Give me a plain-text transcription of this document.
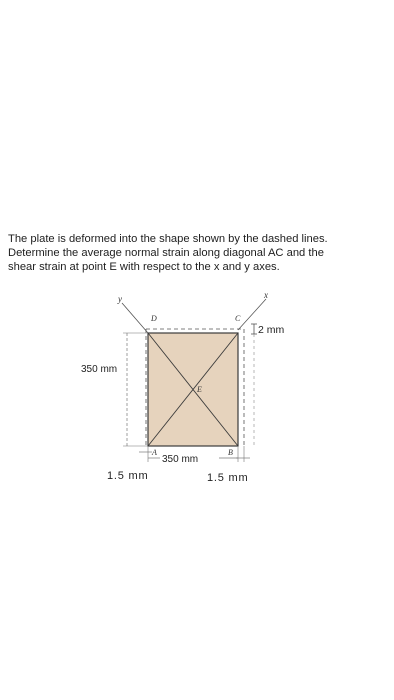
The plate is deformed into the shape shown by the dashed lines.
Determine the average normal strain along diagonal AC and the
shear strain at point E with respect to the x and y axes.
y	x
350 mm
2 mm
350 mm
1.5 mm	1.5 mm
A	B
C
D
E
